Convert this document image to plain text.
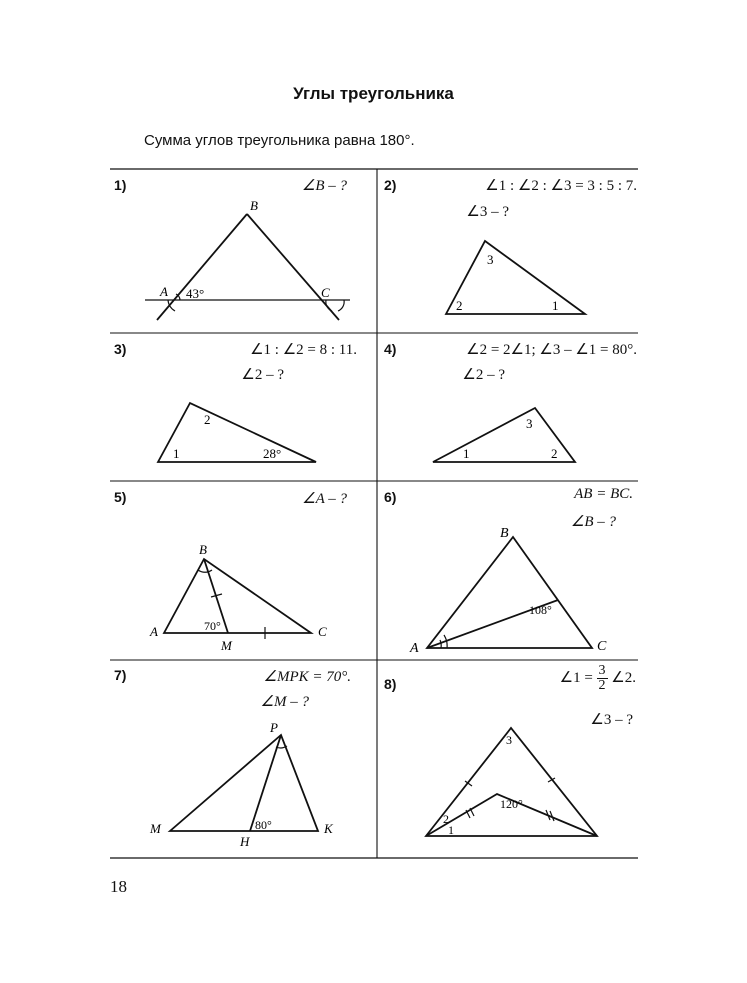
Углы треугольника
Сумма углов треугольника равна 180°.
1)	2)
3)	4)
5)	6)
7)
8)
∠B – ?	∠1 : ∠2 : ∠3 = 3 : 5 : 7.
∠3 – ?
∠1 : ∠2 = 8 : 11.
∠2 – ?
∠2 = 2∠1; ∠3 – ∠1 = 80°.
∠2 – ?
∠A – ?	AB = BC.
∠B – ?
∠MPK = 70°.
∠M – ?
∠1 = $\frac{3}{2}$ ∠2.
∠3 – ?
A
B
C
43°
2
3
1
1
2
28°	1
3
2
A
B
C
M
70°
B
A	C
108°
M
P
K
H
80°
3
2
1
120°
18
